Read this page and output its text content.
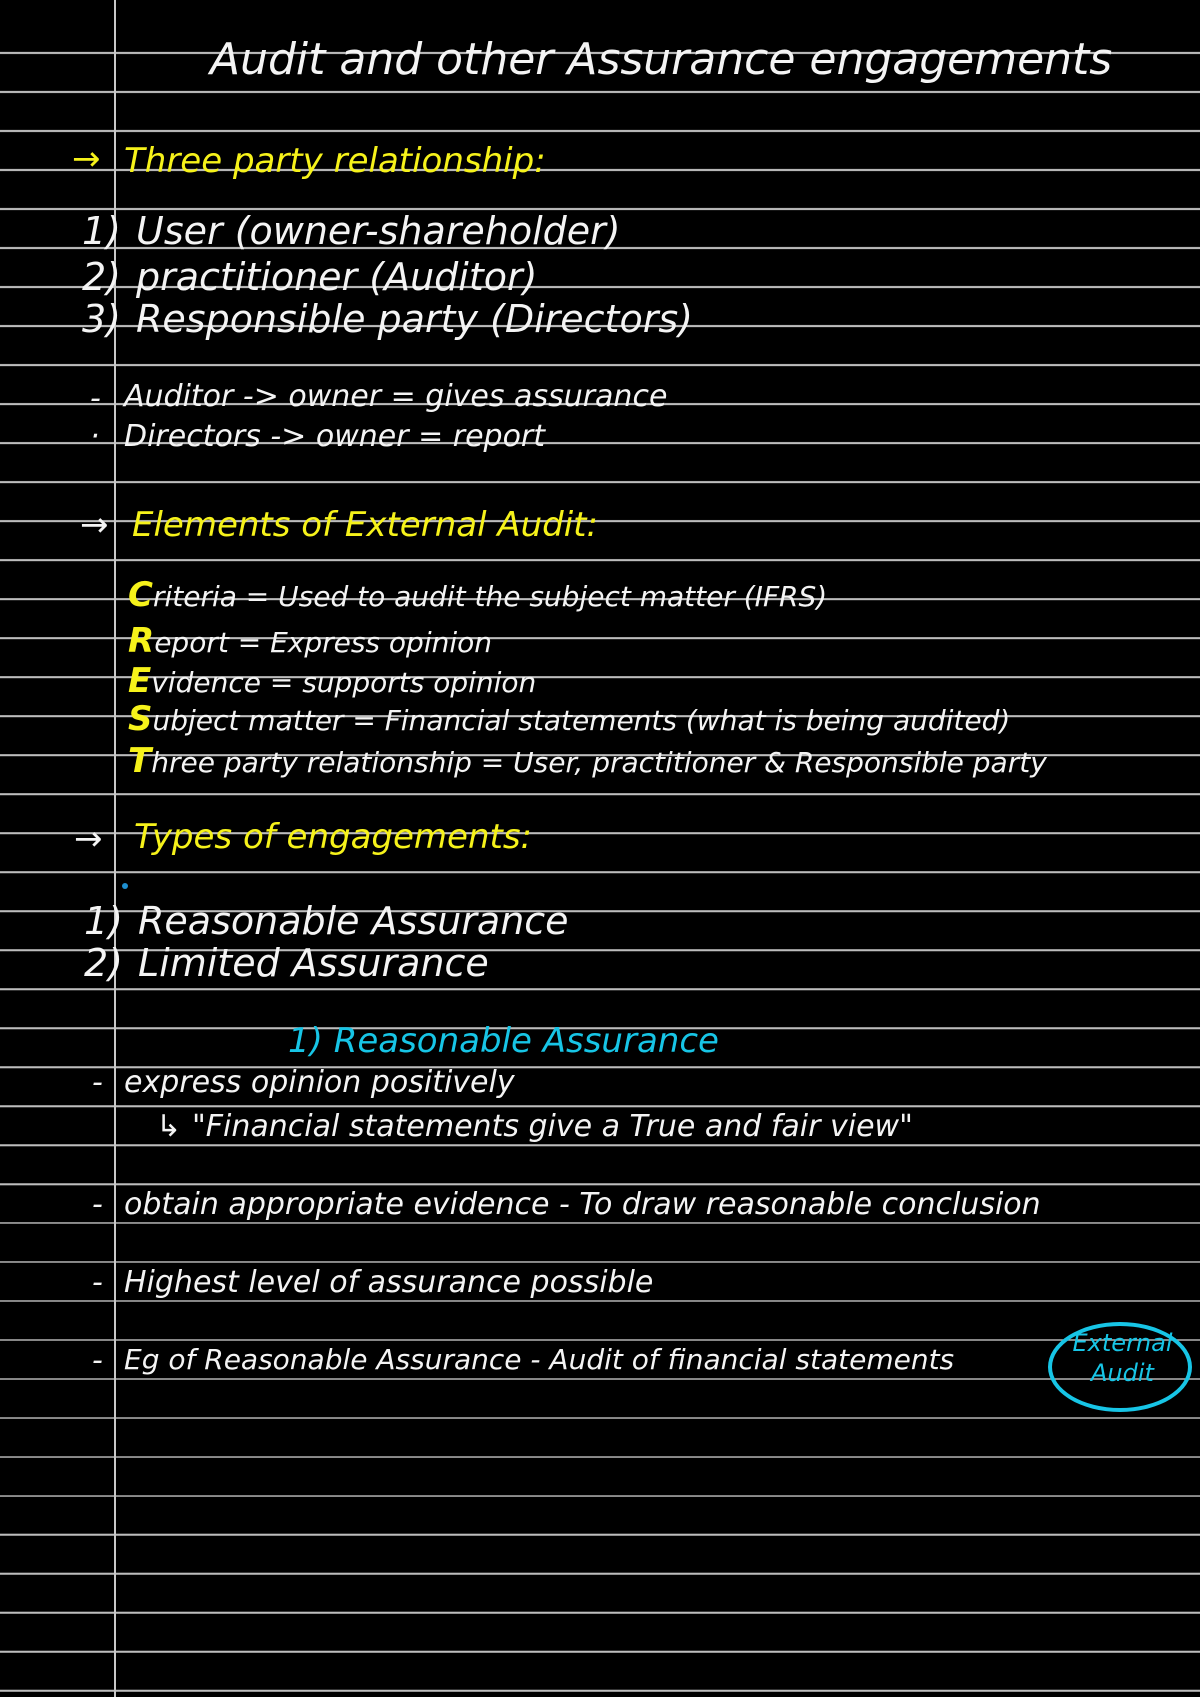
Audit and other Assurance engagements
→ Three party relationship:
1) User (owner-shareholder)
2) practitioner (Auditor)
3) Responsible party (Directors)
- Auditor -> owner = gives assurance
· Directors -> owner = report
→ Elements of External Audit:
Criteria = Used to audit the subject matter (IFRS)
Report = Express opinion
Evidence = supports opinion
Subject matter = Financial statements (what is being audited)
Three party relationship = User, practitioner & Responsible party
→ Types of engagements:
1) Reasonable Assurance
2) Limited Assurance
1) Reasonable Assurance
- express opinion positively
↳ "Financial statements give a True and fair view"
- obtain appropriate evidence - To draw reasonable conclusion
- Highest level of assurance possible
- Eg of Reasonable Assurance - Audit of financial statements	External Audit
